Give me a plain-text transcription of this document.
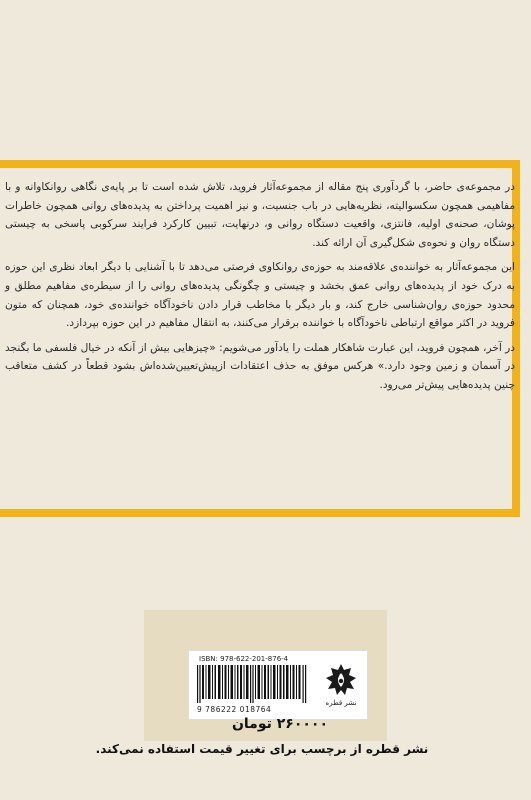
در مجموعه‌ی حاضر، با گردآوری پنج مقاله از مجموعه‌آثار فروید، تلاش شده است تا بر پایه‌ی نگاهی روانکاوانه و با مفاهیمی همچون سکسوالیته، نظریه‌هایی در باب جنسیت، و نیز اهمیت پرداختن به پدیده‌های روانی همچون خاطرات پوشان، صحنه‌ی اولیه، فانتزی، واقعیت دستگاه روانی و، درنهایت، تبیین کارکرد فرایند سرکوبی پاسخی به چیستی دستگاه روان و نحوه‌ی شکل‌گیری آن ارائه کند.

این مجموعه‌آثار به خواننده‌ی علاقه‌مند به حوزه‌ی روانکاوی فرصتی می‌دهد تا با آشنایی با دیگر ابعاد نظری این حوزه به درک خود از پدیده‌های روانی عمق بخشد و چیستی و چگونگی پدیده‌های روانی را از سیطره‌ی مفاهیم مطلق و محدود حوزه‌ی روان‌شناسی خارج کند، و بار دیگر با مخاطب قرار دادن ناخودآگاه خواننده‌ی خود، همچنان که متون فروید در اکثر مواقع ارتباطی ناخودآگاه با خواننده برقرار می‌کنند، به انتقال مفاهیم در این حوزه بپردازد.

در آخر، همچون فروید، این عبارت شاهکار هملت را یادآور می‌شویم: «چیزهایی بیش از آنکه در خیال فلسفی ما بگنجد در آسمان و زمین وجود دارد.» هرکس موفق به حذف اعتقادات ازپیش‌تعیین‌شده‌اش بشود قطعاً در کشف متعاقب چنین پدیده‌هایی پیش‌تر می‌رود.

ISBN: 978-622-201-876-4
9 786222 018764
نشر قطره
۲۶۰۰۰۰ تومان
نشر قطره از برچسب برای تغییر قیمت استفاده نمی‌کند.
